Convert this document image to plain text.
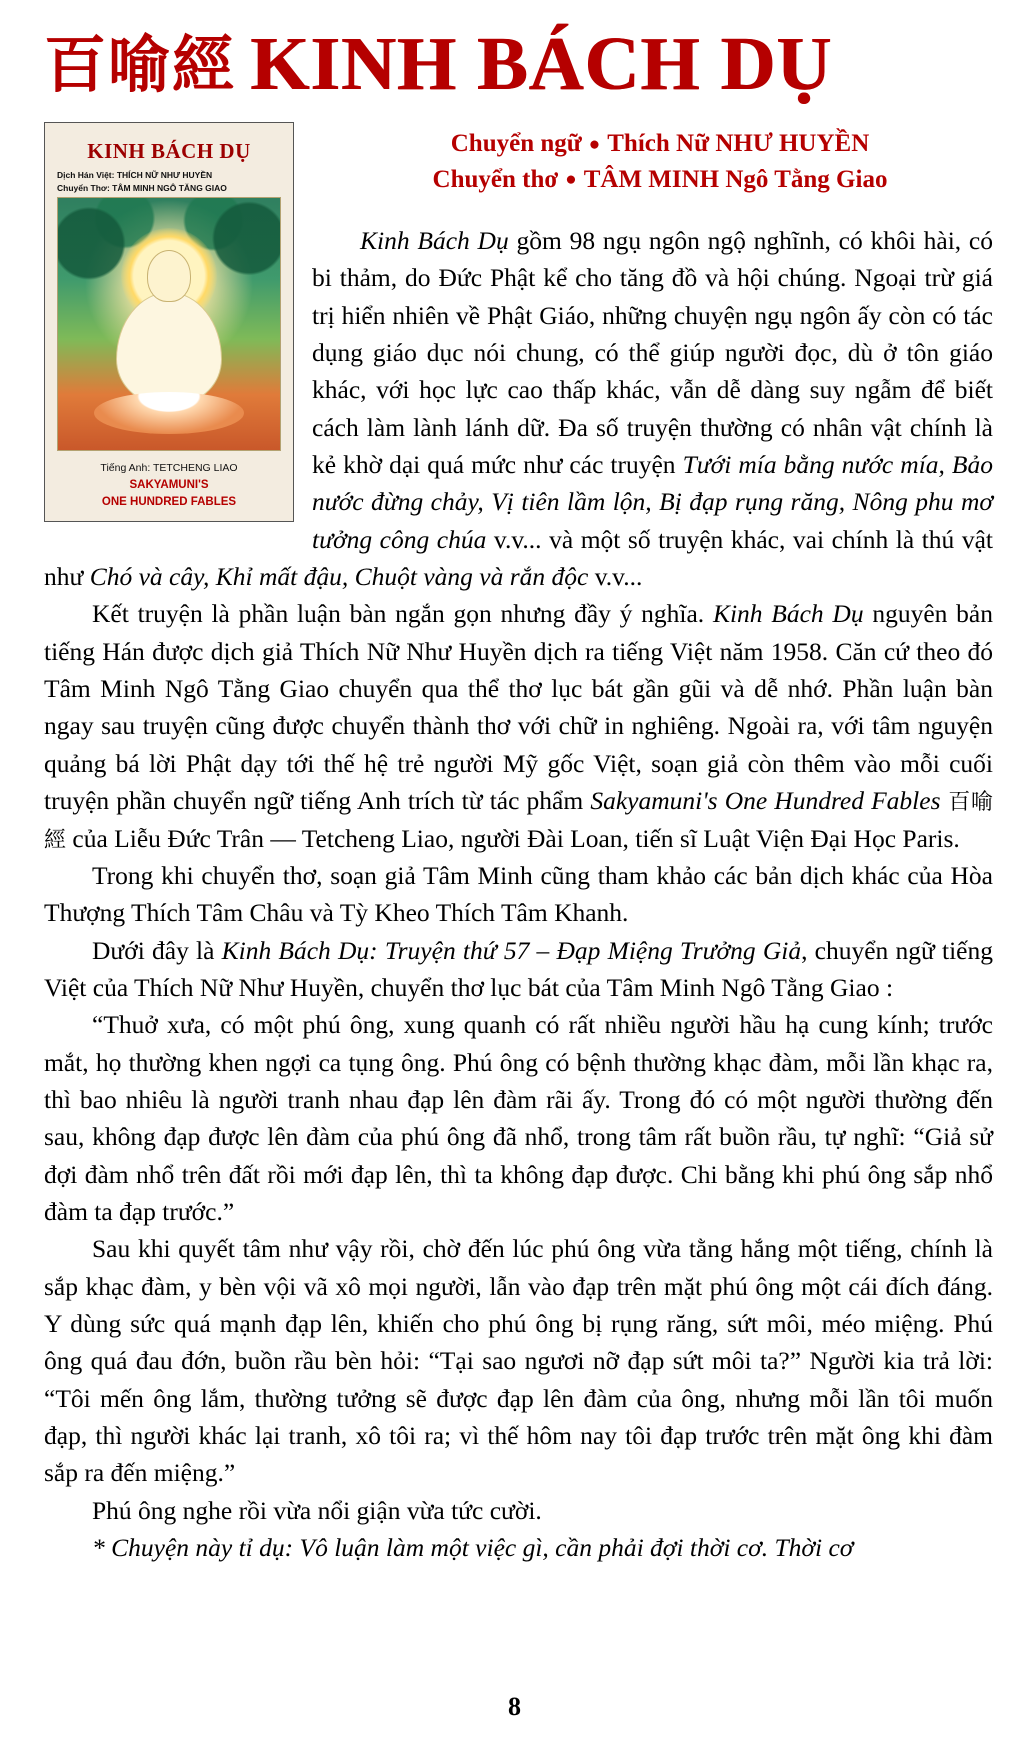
百喻經 KINH BÁCH DỤ
Chuyển ngữ ● Thích Nữ NHƯ HUYỀN
Chuyển thơ ● TÂM MINH Ngô Tằng Giao
KINH BÁCH DỤ
Dịch Hán Việt: THÍCH NỮ NHƯ HUYỀN
Chuyển Thơ: TÂM MINH NGÔ TĂNG GIAO
Tiếng Anh: TETCHENG LIAO
SAKYAMUNI'S
ONE HUNDRED FABLES

Kinh Bách Dụ gồm 98 ngụ ngôn ngộ nghĩnh, có khôi hài, có bi thảm, do Đức Phật kể cho tăng đồ và hội chúng. Ngoại trừ giá trị hiển nhiên về Phật Giáo, những chuyện ngụ ngôn ấy còn có tác dụng giáo dục nói chung, có thể giúp người đọc, dù ở tôn giáo khác, với học lực cao thấp khác, vẫn dễ dàng suy ngẫm để biết cách làm lành lánh dữ. Đa số truyện thường có nhân vật chính là kẻ khờ dại quá mức như các truyện Tưới mía bằng nước mía, Bảo nước đừng chảy, Vị tiên lầm lộn, Bị đạp rụng răng, Nông phu mơ tưởng công chúa v.v... và một số truyện khác, vai chính là thú vật như Chó và cây, Khỉ mất đậu, Chuột vàng và rắn độc v.v...

Kết truyện là phần luận bàn ngắn gọn nhưng đầy ý nghĩa. Kinh Bách Dụ nguyên bản tiếng Hán được dịch giả Thích Nữ Như Huyền dịch ra tiếng Việt năm 1958. Căn cứ theo đó Tâm Minh Ngô Tằng Giao chuyển qua thể thơ lục bát gần gũi và dễ nhớ. Phần luận bàn ngay sau truyện cũng được chuyển thành thơ với chữ in nghiêng. Ngoài ra, với tâm nguyện quảng bá lời Phật dạy tới thế hệ trẻ người Mỹ gốc Việt, soạn giả còn thêm vào mỗi cuối truyện phần chuyển ngữ tiếng Anh trích từ tác phẩm Sakyamuni's One Hundred Fables 百喻經 của Liễu Đức Trân — Tetcheng Liao, người Đài Loan, tiến sĩ Luật Viện Đại Học Paris.

Trong khi chuyển thơ, soạn giả Tâm Minh cũng tham khảo các bản dịch khác của Hòa Thượng Thích Tâm Châu và Tỳ Kheo Thích Tâm Khanh.

Dưới đây là Kinh Bách Dụ: Truyện thứ 57 – Đạp Miệng Trưởng Giả, chuyển ngữ tiếng Việt của Thích Nữ Như Huyền, chuyển thơ lục bát của Tâm Minh Ngô Tằng Giao :

“Thuở xưa, có một phú ông, xung quanh có rất nhiều người hầu hạ cung kính; trước mắt, họ thường khen ngợi ca tụng ông. Phú ông có bệnh thường khạc đàm, mỗi lần khạc ra, thì bao nhiêu là người tranh nhau đạp lên đàm rãi ấy. Trong đó có một người thường đến sau, không đạp được lên đàm của phú ông đã nhổ, trong tâm rất buồn rầu, tự nghĩ: “Giả sử đợi đàm nhổ trên đất rồi mới đạp lên, thì ta không đạp được. Chi bằng khi phú ông sắp nhổ đàm ta đạp trước.”

Sau khi quyết tâm như vậy rồi, chờ đến lúc phú ông vừa tằng hắng một tiếng, chính là sắp khạc đàm, y bèn vội vã xô mọi người, lẫn vào đạp trên mặt phú ông một cái đích đáng. Y dùng sức quá mạnh đạp lên, khiến cho phú ông bị rụng răng, sứt môi, méo miệng. Phú ông quá đau đớn, buồn rầu bèn hỏi: “Tại sao ngươi nỡ đạp sứt môi ta?” Người kia trả lời: “Tôi mến ông lắm, thường tưởng sẽ được đạp lên đàm của ông, nhưng mỗi lần tôi muốn đạp, thì người khác lại tranh, xô tôi ra; vì thế hôm nay tôi đạp trước trên mặt ông khi đàm sắp ra đến miệng.”

Phú ông nghe rồi vừa nổi giận vừa tức cười.

* Chuyện này tỉ dụ: Vô luận làm một việc gì, cần phải đợi thời cơ. Thời cơ

8
